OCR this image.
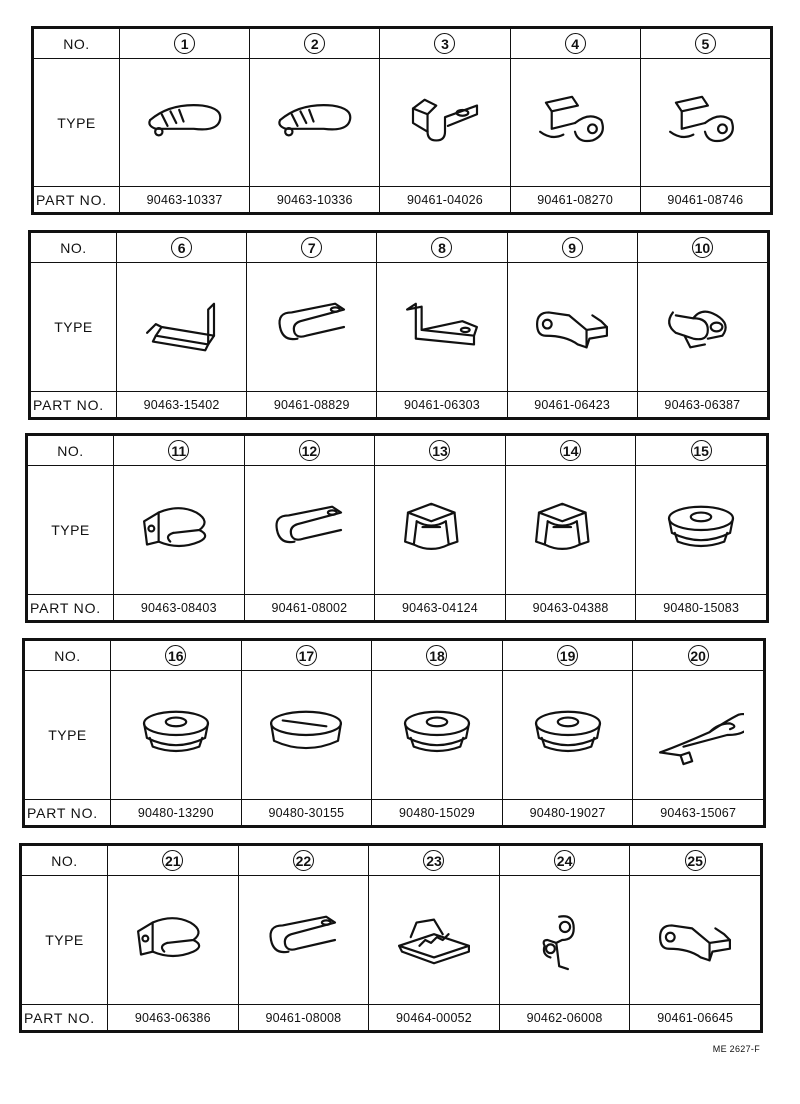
NO.	1	2	3	4	5
TYPE	

PART NO.	90463-10337	90463-10336	90461-04026	90461-08270	90461-08746
NO.	6	7	8	9	10
TYPE	

PART NO.	90463-15402	90461-08829	90461-06303	90461-06423	90463-06387
NO.	11	12	13	14	15
TYPE	

PART NO.	90463-08403	90461-08002	90463-04124	90463-04388	90480-15083
NO.	16	17	18	19	20
TYPE	

PART NO.	90480-13290	90480-30155	90480-15029	90480-19027	90463-15067
NO.	21	22	23	24	25
TYPE	

PART NO.	90463-06386	90461-08008	90464-00052	90462-06008	90461-06645
ME 2627-F
